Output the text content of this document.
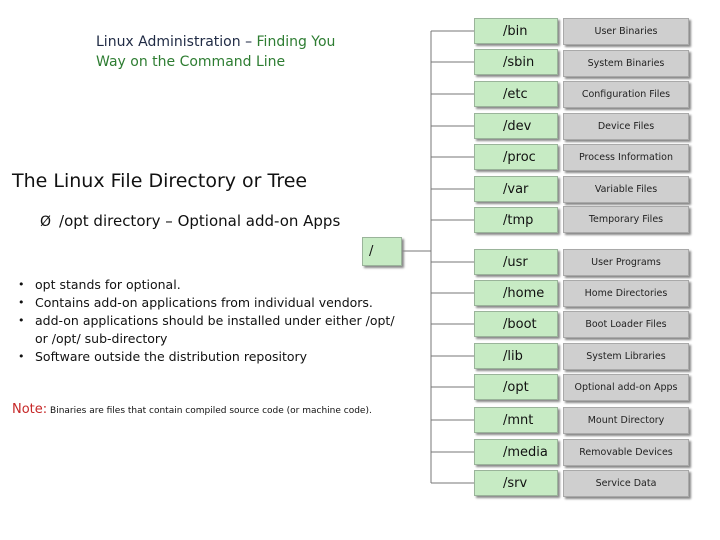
Linux Administration – Finding You
Way on the Command Line
The Linux File Directory or Tree
Ø /opt directory – Optional add-on Apps
• opt stands for optional.
• Contains add-on applications from individual vendors.
• add-on applications should be installed under either /opt/ or /opt/ sub-directory
• Software outside the distribution repository
Note: Binaries are files that contain compiled source code (or machine code).
/
/bin	User Binaries
/sbin	System Binaries
/etc	Configuration Files
/dev	Device Files
/proc	Process Information
/var	Variable Files
/tmp	Temporary Files
/usr	User Programs
/home	Home Directories
/boot	Boot Loader Files
/lib	System Libraries
/opt	Optional add-on Apps
/mnt	Mount Directory
/media	Removable Devices
/srv	Service Data
